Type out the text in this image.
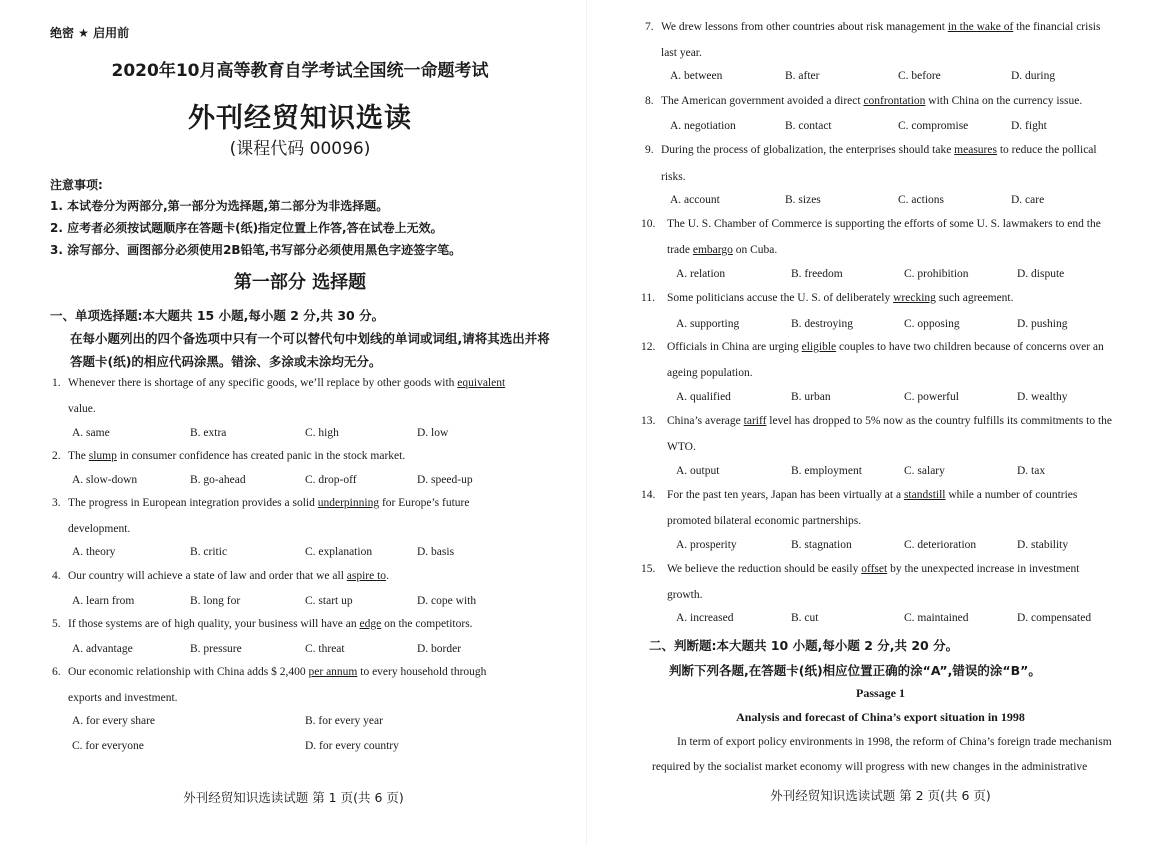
绝密 ★ 启用前
2020年10月高等教育自学考试全国统一命题考试
外刊经贸知识选读
(课程代码 00096)
注意事项:
1. 本试卷分为两部分,第一部分为选择题,第二部分为非选择题。
2. 应考者必须按试题顺序在答题卡(纸)指定位置上作答,答在试卷上无效。
3. 涂写部分、画图部分必须使用2B铅笔,书写部分必须使用黑色字迹签字笔。
第一部分 选择题
一、单项选择题:本大题共 15 小题,每小题 2 分,共 30 分。
在每小题列出的四个备选项中只有一个可以替代句中划线的单词或词组,请将其选出并将
答题卡(纸)的相应代码涂黑。错涂、多涂或未涂均无分。
外刊经贸知识选读试题 第 1 页(共 6 页)
二、判断题:本大题共 10 小题,每小题 2 分,共 20 分。
判断下列各题,在答题卡(纸)相应位置正确的涂“A”,错误的涂“B”。
Passage 1
Analysis and forecast of China’s export situation in 1998
In term of export policy environments in 1998, the reform of China’s foreign trade mechanism
required by the socialist market economy will progress with new changes in the administrative
外刊经贸知识选读试题 第 2 页(共 6 页)
1. Whenever there is shortage of any specific goods, we’ll replace by other goods with equivalent
value.
A. same	B. extra	C. high	D. low
2. The slump in consumer confidence has created panic in the stock market.
A. slow-down	B. go-ahead	C. drop-off	D. speed-up
3. The progress in European integration provides a solid underpinning for Europe’s future
development.
A. theory	B. critic	C. explanation	D. basis
4. Our country will achieve a state of law and order that we all aspire to.
A. learn from	B. long for	C. start up	D. cope with
5. If those systems are of high quality, your business will have an edge on the competitors.
A. advantage	B. pressure	C. threat	D. border
6. Our economic relationship with China adds $ 2,400 per annum to every household through
exports and investment.
A. for every share	B. for every year
C. for everyone	D. for every country
7. We drew lessons from other countries about risk management in the wake of the financial crisis
last year.
A. between	B. after	C. before	D. during
8. The American government avoided a direct confrontation with China on the currency issue.
A. negotiation	B. contact	C. compromise	D. fight
9. During the process of globalization, the enterprises should take measures to reduce the pollical
risks.
A. account	B. sizes	C. actions	D. care
10. The U. S. Chamber of Commerce is supporting the efforts of some U. S. lawmakers to end the
trade embargo on Cuba.
A. relation	B. freedom	C. prohibition	D. dispute
11. Some politicians accuse the U. S. of deliberately wrecking such agreement.
A. supporting	B. destroying	C. opposing	D. pushing
12. Officials in China are urging eligible couples to have two children because of concerns over an
ageing population.
A. qualified	B. urban	C. powerful	D. wealthy
13. China’s average tariff level has dropped to 5% now as the country fulfills its commitments to the
WTO.
A. output	B. employment	C. salary	D. tax
14. For the past ten years, Japan has been virtually at a standstill while a number of countries
promoted bilateral economic partnerships.
A. prosperity	B. stagnation	C. deterioration	D. stability
15. We believe the reduction should be easily offset by the unexpected increase in investment
growth.
A. increased	B. cut	C. maintained	D. compensated
